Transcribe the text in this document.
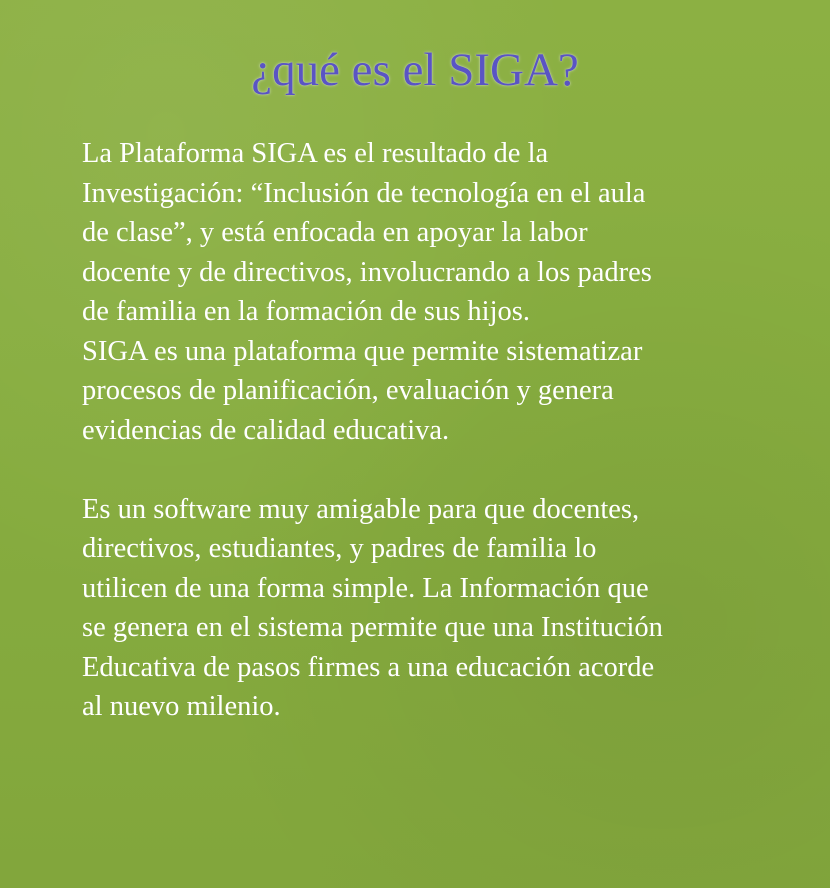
¿qué es el SIGA?
La Plataforma SIGA es el resultado de la
Investigación: “Inclusión de tecnología en el aula
de clase”, y está enfocada en apoyar la labor
docente y de directivos, involucrando a los padres
de familia en la formación de sus hijos.
SIGA es una plataforma que permite sistematizar
procesos de planificación, evaluación y genera
evidencias de calidad educativa.
Es un software muy amigable para que docentes,
directivos, estudiantes, y padres de familia lo
utilicen de una forma simple. La Información que
se genera en el sistema permite que una Institución
Educativa de pasos firmes a una educación acorde
al nuevo milenio.
